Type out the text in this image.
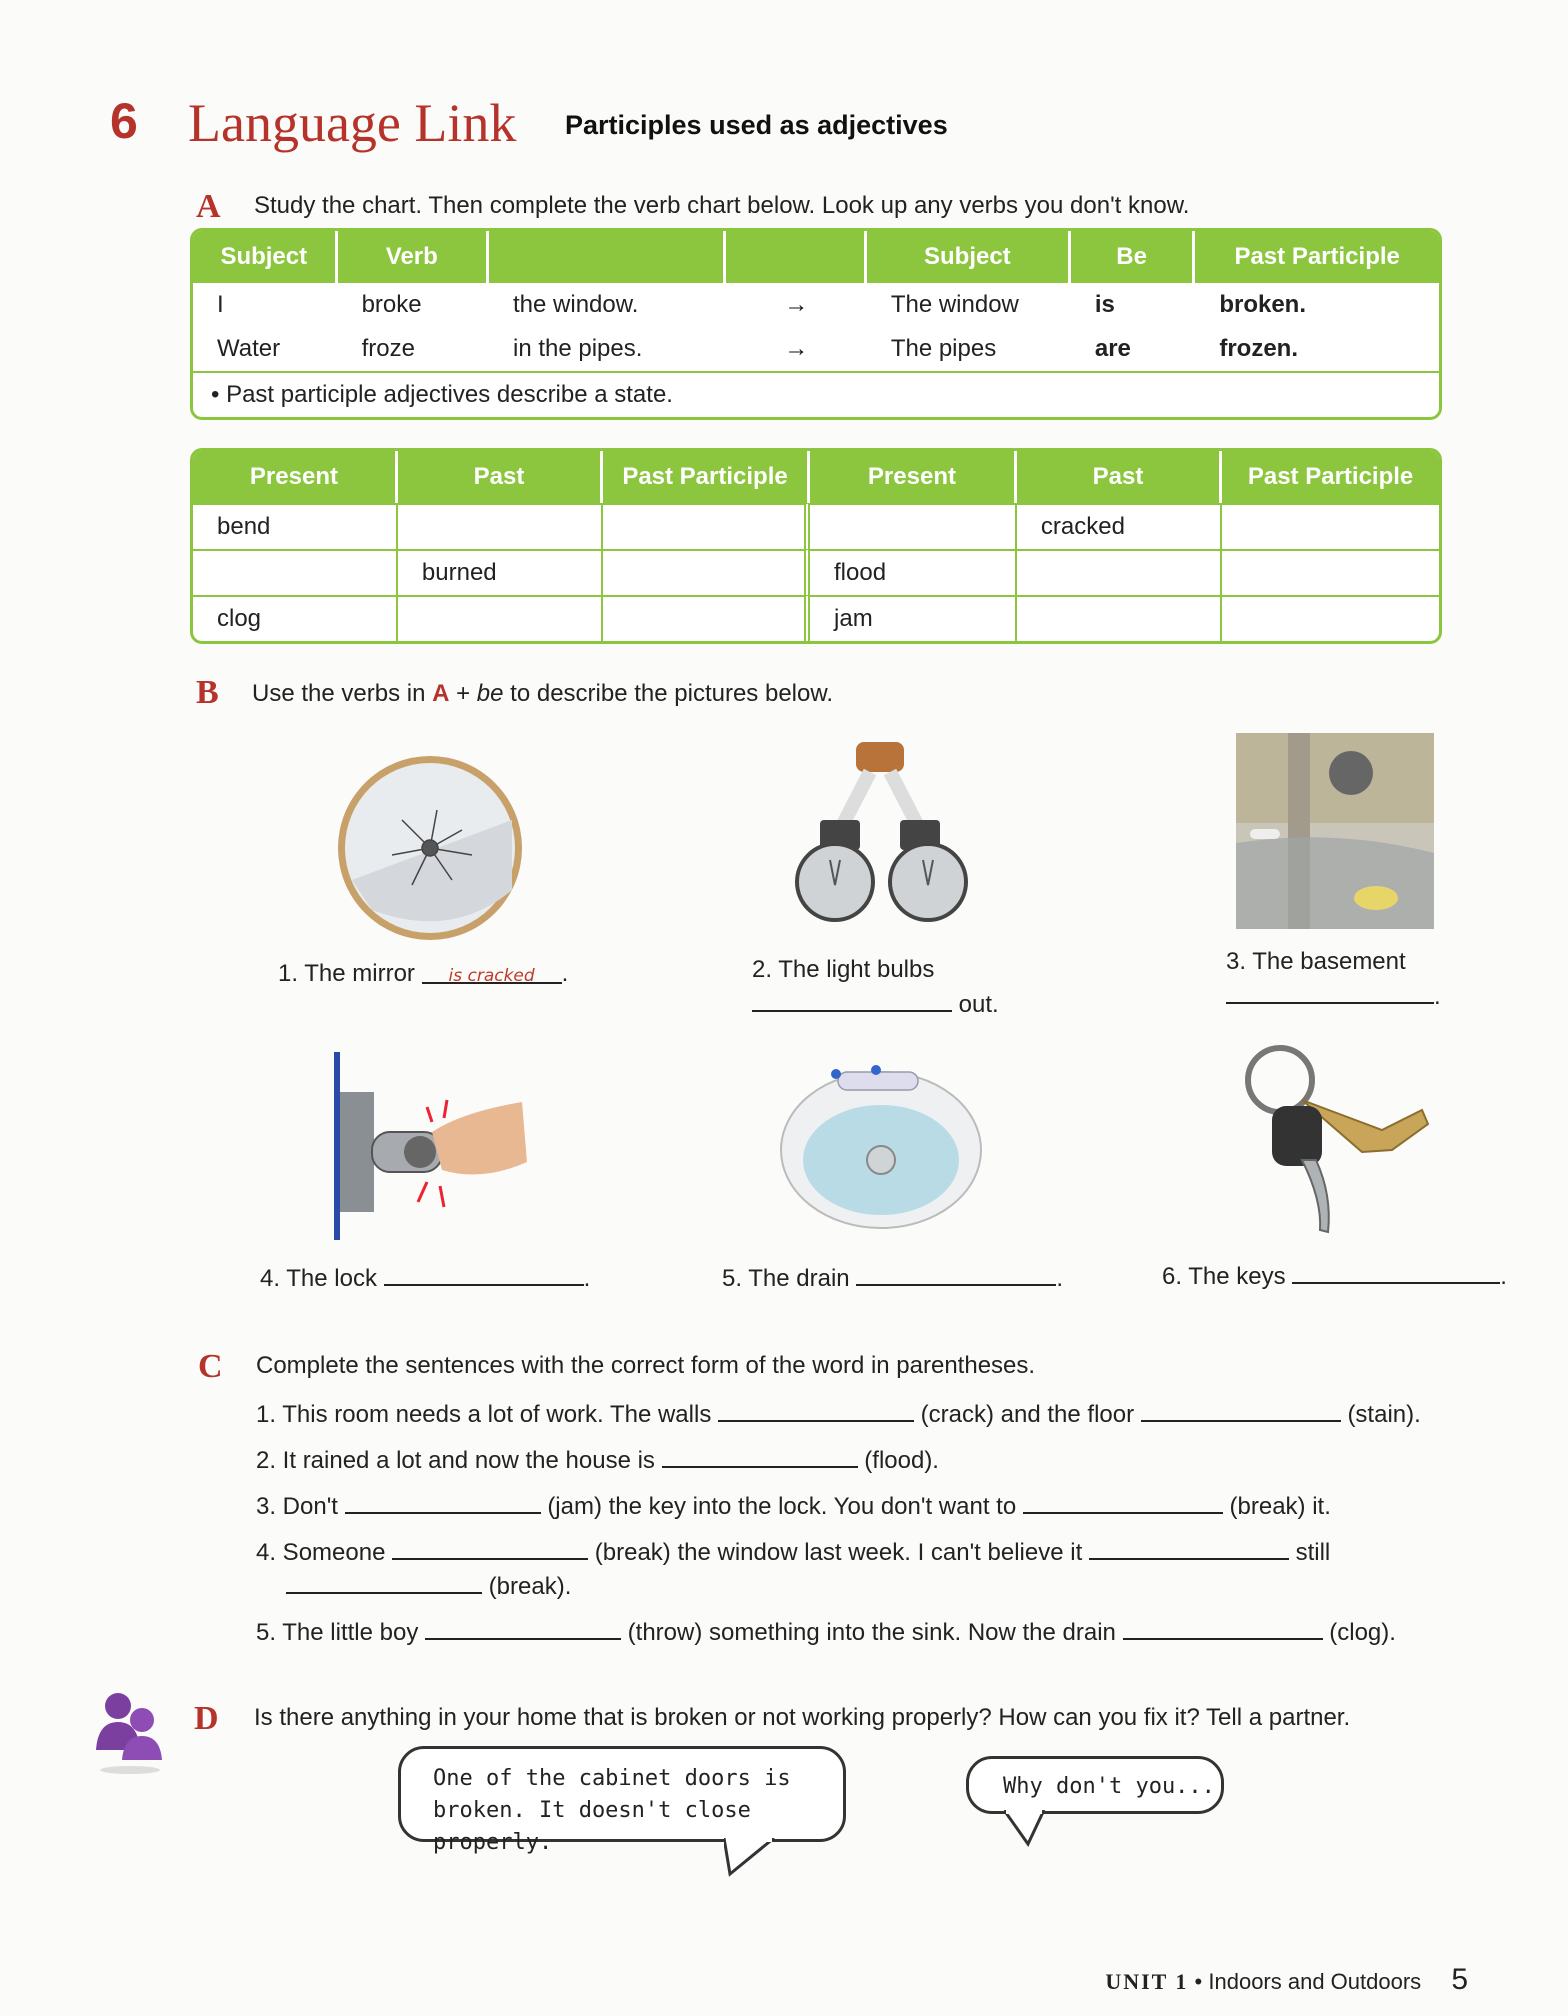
6 Language Link Participles used as adjectives
A Study the chart. Then complete the verb chart below. Look up any verbs you don't know.
Subject	Verb			Subject	Be	Past Participle
I	broke	the window.	→	The window	is	broken.
Water	froze	in the pipes.	→	The pipes	are	frozen.
• Past participle adjectives describe a state.						
Present	Past	Past Participle	Present	Past	Past Participle
bend				cracked	
	burned		flood		
clog			jam		
B Use the verbs in A + be to describe the pictures below.
1. The mirror is cracked .	2. The light bulbs
out.
3. The basement
.
4. The lock	.	5. The drain	.	6. The keys	.
C Complete the sentences with the correct form of the word in parentheses.
1. This room needs a lot of work. The walls	(crack) and the floor	(stain).
2. It rained a lot and now the house is	(flood).
3. Don't	(jam) the key into the lock. You don't want to	(break) it.
4. Someone	(break) the window last week. I can't believe it	still
(break).
5. The little boy	(throw) something into the sink. Now the drain	(clog).
D Is there anything in your home that is broken or not working properly? How can you fix it? Tell a partner.
One of the cabinet doors is
broken. It doesn't close properly.
Why don't you...
UNIT 1 • Indoors and Outdoors 5
